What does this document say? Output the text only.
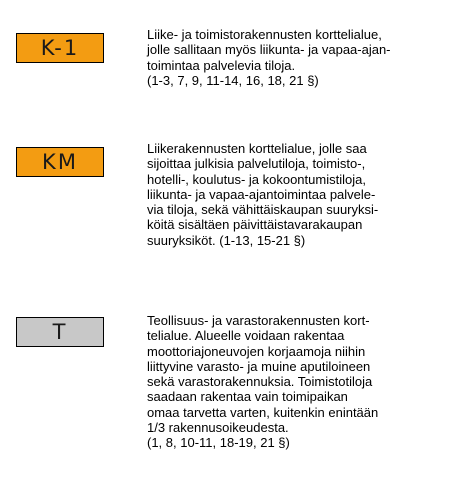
K-1

Liike- ja toimistorakennusten korttelialue,
jolle sallitaan myös liikunta- ja vapaa-ajan-
toimintaa palvelevia tiloja.
(1-3, 7, 9, 11-14, 16, 18, 21 §)

KM

Liikerakennusten korttelialue, jolle saa
sijoittaa julkisia palvelutiloja, toimisto-,
hotelli-, koulutus- ja kokoontumistiloja,
liikunta- ja vapaa-ajantoimintaa palvele-
via tiloja, sekä vähittäiskaupan suuryksi-
köitä sisältäen päivittäistavarakaupan
suuryksiköt. (1-13, 15-21 §)

T	Teollisuus- ja varastorakennusten kort-
telialue. Alueelle voidaan rakentaa
moottoriajoneuvojen korjaamoja niihin
liittyvine varasto- ja muine aputiloineen
sekä varastorakennuksia. Toimistotiloja
saadaan rakentaa vain toimipaikan
omaa tarvetta varten, kuitenkin enintään
1/3 rakennusoikeudesta.
(1, 8, 10-11, 18-19, 21 §)
